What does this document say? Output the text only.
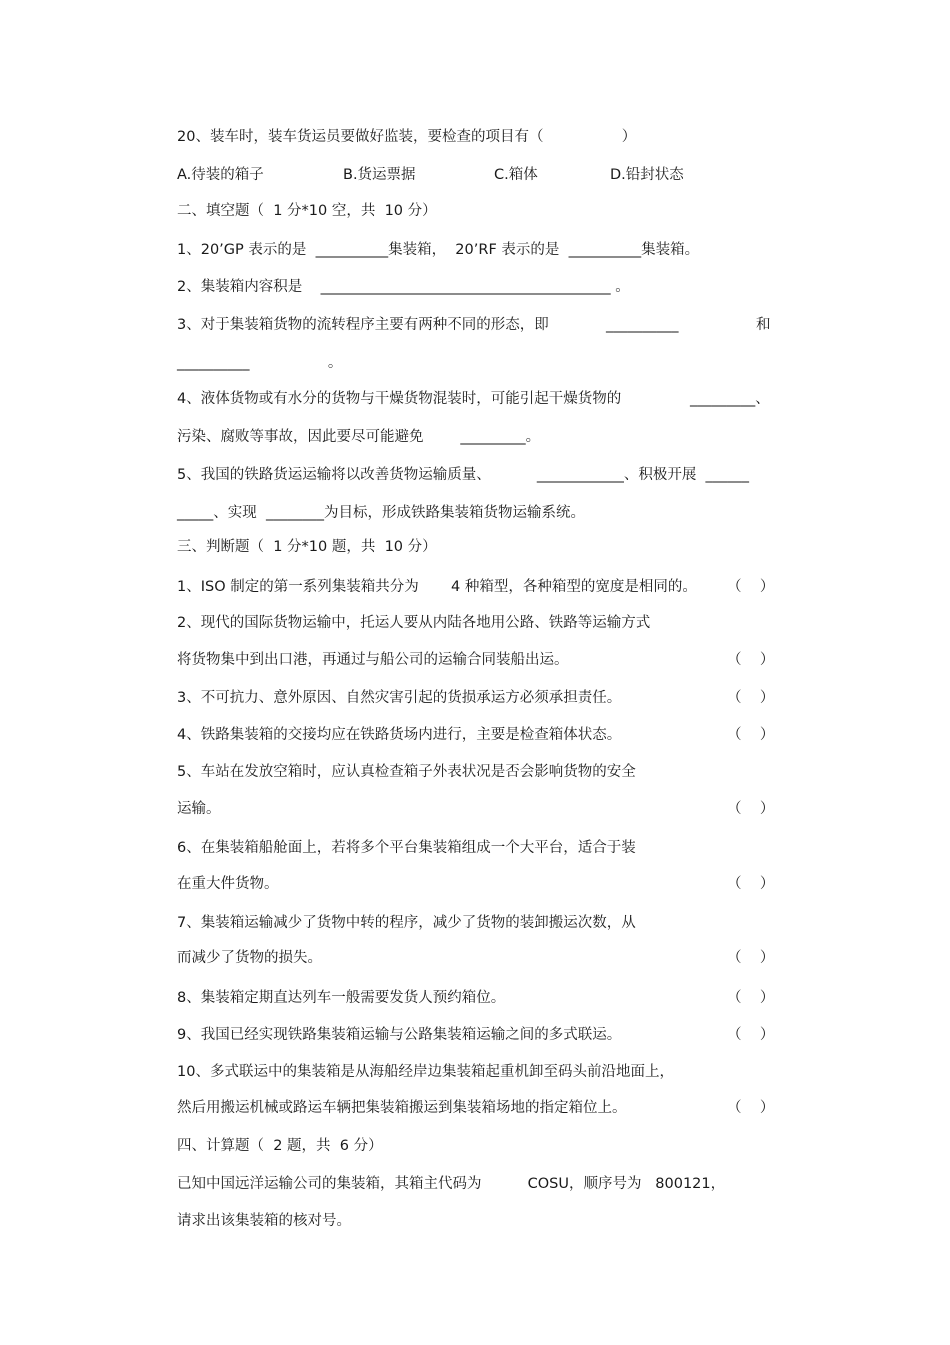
20、装车时，装车货运员要做好监装，要检查的项目有（                 ）
A.待装的箱子	B.货运票据	C.箱体	D.铅封状态
二、填空题（  1 分*10 空，共  10 分）
1、20’GP 表示的是  __________集装箱，  20’RF 表示的是  __________集装箱。
2、集装箱内容积是    ________________________________________ 。
3、对于集装箱货物的流转程序主要有两种不同的形态，即	__________	和
__________                 。
4、液体货物或有水分的货物与干燥货物混装时，可能引起干燥货物的	_________、
污染、腐败等事故，因此要尽可能避免        _________。
5、我国的铁路货运运输将以改善货物运输质量、          ____________、积极开展  ______
_____、实现  ________为目标，形成铁路集装箱货物运输系统。
三、判断题（  1 分*10 题，共  10 分）
1、ISO 制定的第一系列集装箱共分为       4 种箱型，各种箱型的宽度是相同的。 （    ）
2、现代的国际货物运输中，托运人要从内陆各地用公路、铁路等运输方式
将货物集中到出口港，再通过与船公司的运输合同装船出运。	（    ）
3、不可抗力、意外原因、自然灾害引起的货损承运方必须承担责任。	（    ）
4、铁路集装箱的交接均应在铁路货场内进行，主要是检查箱体状态。	（    ）
5、车站在发放空箱时，应认真检查箱子外表状况是否会影响货物的安全
运输。	（    ）
6、在集装箱船舱面上，若将多个平台集装箱组成一个大平台，适合于装
在重大件货物。	（    ）
7、集装箱运输减少了货物中转的程序，减少了货物的装卸搬运次数，从
而减少了货物的损失。	（    ）
8、集装箱定期直达列车一般需要发货人预约箱位。	（    ）
9、我国已经实现铁路集装箱运输与公路集装箱运输之间的多式联运。	（    ）
10、多式联运中的集装箱是从海船经岸边集装箱起重机卸至码头前沿地面上，
然后用搬运机械或路运车辆把集装箱搬运到集装箱场地的指定箱位上。	（    ）
四、计算题（  2 题，共  6 分）
已知中国远洋运输公司的集装箱，其箱主代码为          COSU，顺序号为   800121，
请求出该集装箱的核对号。
